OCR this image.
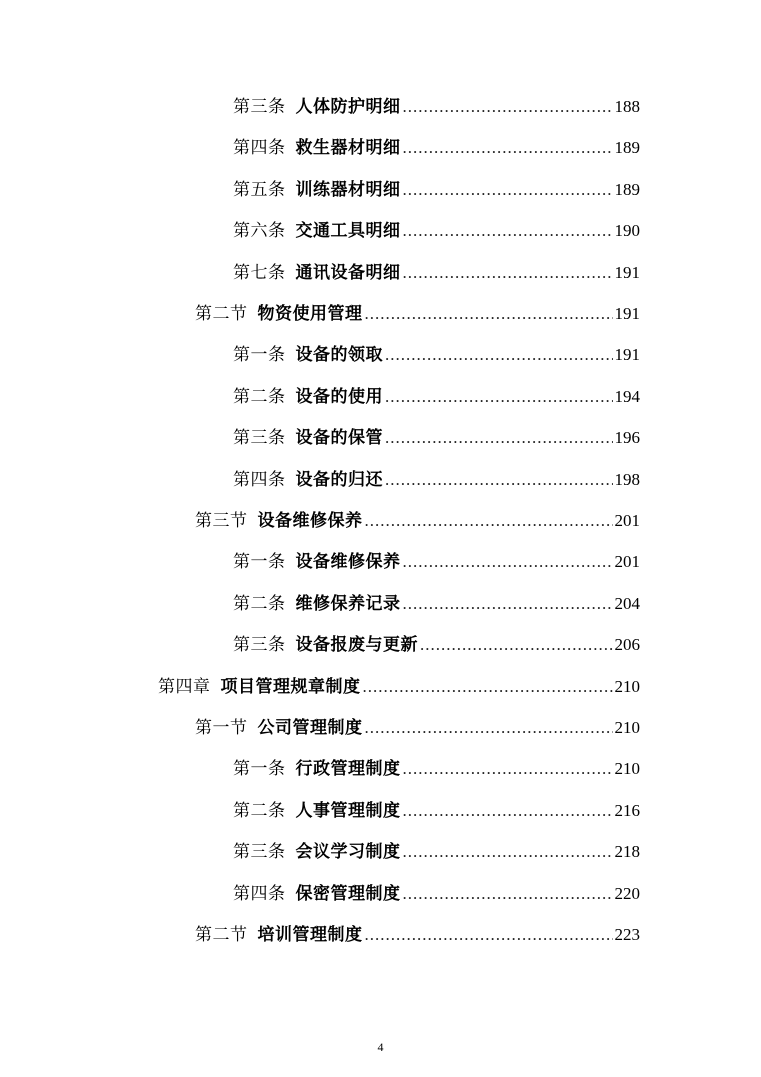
第三条 人体防护明细 .....	188
第四条 救生器材明细 .....	189
第五条 训练器材明细 .....	189
第六条 交通工具明细 .....	190
第七条 通讯设备明细 .....	191
第二节 物资使用管理 .....	191
第一条 设备的领取 .....	191
第二条 设备的使用 .....	194
第三条 设备的保管 .....	196
第四条 设备的归还 .....	198
第三节 设备维修保养 .....	201
第一条 设备维修保养 .....	201
第二条 维修保养记录 .....	204
第三条 设备报废与更新 .....	206
第四章 项目管理规章制度 .....	210
第一节 公司管理制度 .....	210
第一条 行政管理制度 .....	210
第二条 人事管理制度 .....	216
第三条 会议学习制度 .....	218
第四条 保密管理制度 .....	220
第二节 培训管理制度 .....	223
4
